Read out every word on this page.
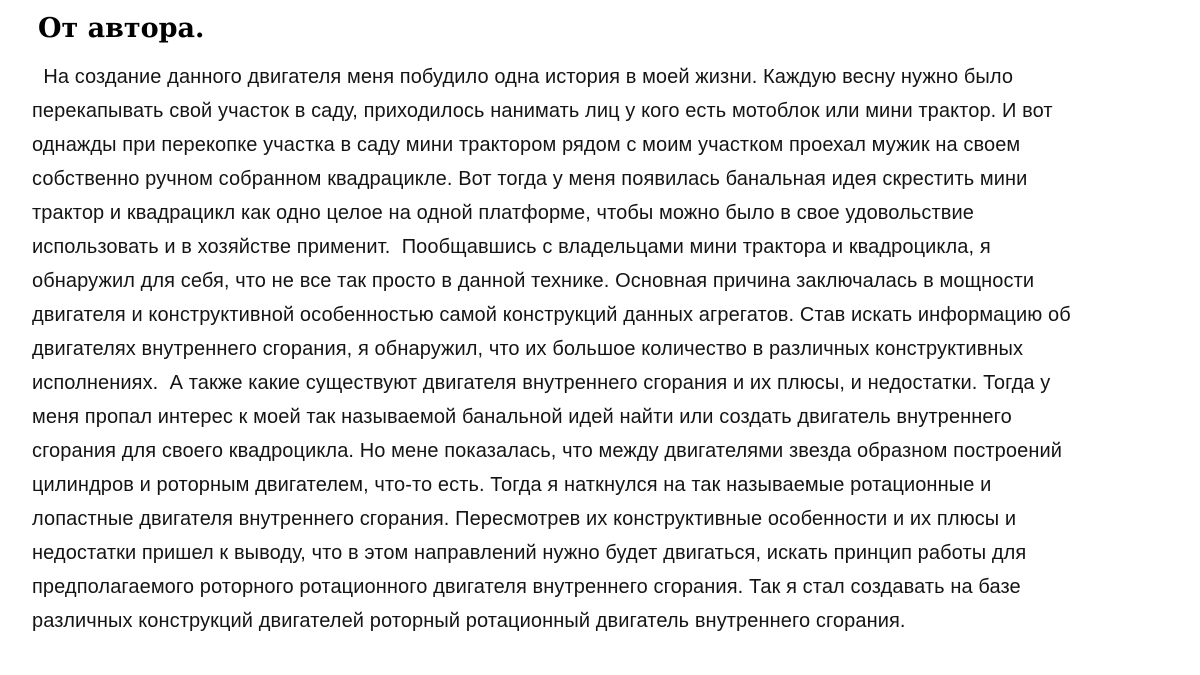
От автора.
На создание данного двигателя меня побудило одна история в моей жизни. Каждую весну нужно было
перекапывать свой участок в саду, приходилось нанимать лиц у кого есть мотоблок или мини трактор. И вот
однажды при перекопке участка в саду мини трактором рядом с моим участком проехал мужик на своем
собственно ручном собранном квадрацикле. Вот тогда у меня появилась банальная идея скрестить мини
трактор и квадрацикл как одно целое на одной платформе, чтобы можно было в свое удовольствие
использовать и в хозяйстве применит.  Пообщавшись с владельцами мини трактора и квадроцикла, я
обнаружил для себя, что не все так просто в данной технике. Основная причина заключалась в мощности
двигателя и конструктивной особенностью самой конструкций данных агрегатов. Став искать информацию об
двигателях внутреннего сгорания, я обнаружил, что их большое количество в различных конструктивных
исполнениях.  А также какие существуют двигателя внутреннего сгорания и их плюсы, и недостатки. Тогда у
меня пропал интерес к моей так называемой банальной идей найти или создать двигатель внутреннего
сгорания для своего квадроцикла. Но мене показалась, что между двигателями звезда образном построений
цилиндров и роторным двигателем, что-то есть. Тогда я наткнулся на так называемые ротационные и
лопастные двигателя внутреннего сгорания. Пересмотрев их конструктивные особенности и их плюсы и
недостатки пришел к выводу, что в этом направлений нужно будет двигаться, искать принцип работы для
предполагаемого роторного ротационного двигателя внутреннего сгорания. Так я стал создавать на базе
различных конструкций двигателей роторный ротационный двигатель внутреннего сгорания.
